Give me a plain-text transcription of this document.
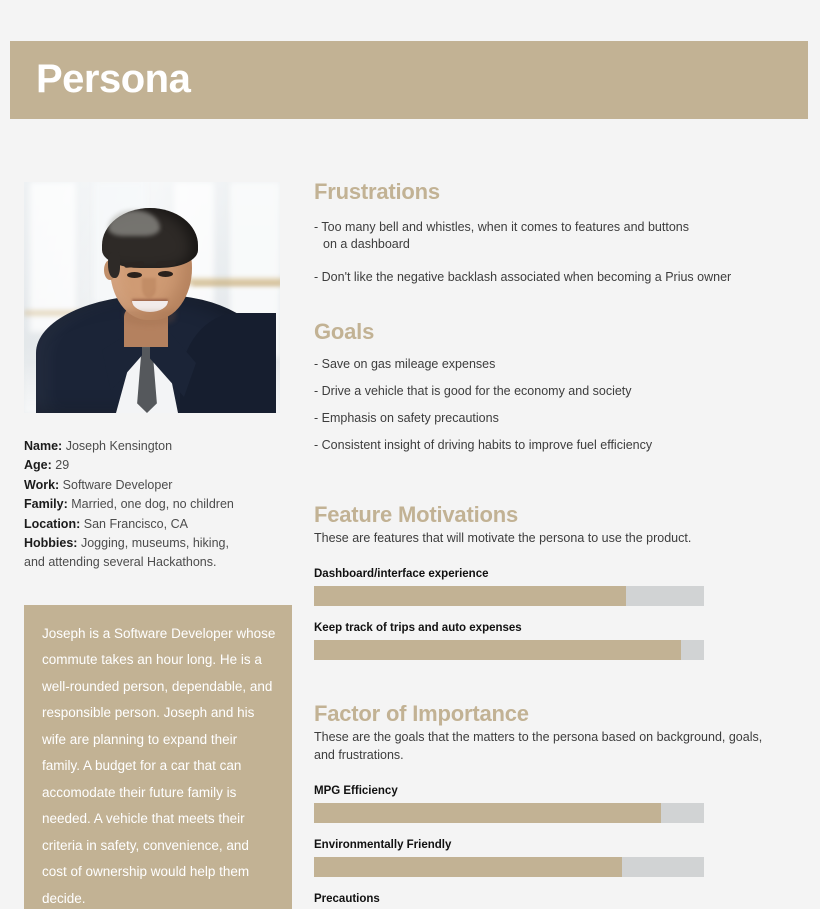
Persona
Name: Joseph Kensington
Age: 29
Work: Software Developer
Family: Married, one dog, no children
Location: San Francisco, CA
Hobbies: Jogging, museums, hiking,
and attending several Hackathons.
Joseph is a Software Developer whose commute takes an hour long. He is a well-rounded person, dependable, and responsible person. Joseph and his wife are planning to expand their family. A budget for a car that can accomodate their future family is needed. A vehicle that meets their criteria in safety, convenience, and cost of ownership would help them decide.
Frustrations
- Too many bell and whistles, when it comes to features and buttons
on a dashboard
- Don't like the negative backlash associated when becoming a Prius owner
Goals
- Save on gas mileage expenses
- Drive a vehicle that is good for the economy and society
- Emphasis on safety precautions
- Consistent insight of driving habits to improve fuel efficiency
Feature Motivations
These are features that will motivate the persona to use the product.
Dashboard/interface experience
Keep track of trips and auto expenses
Factor of Importance
These are the goals that the matters to the persona based on background, goals,
and frustrations.
MPG Efficiency
Environmentally Friendly
Precautions
